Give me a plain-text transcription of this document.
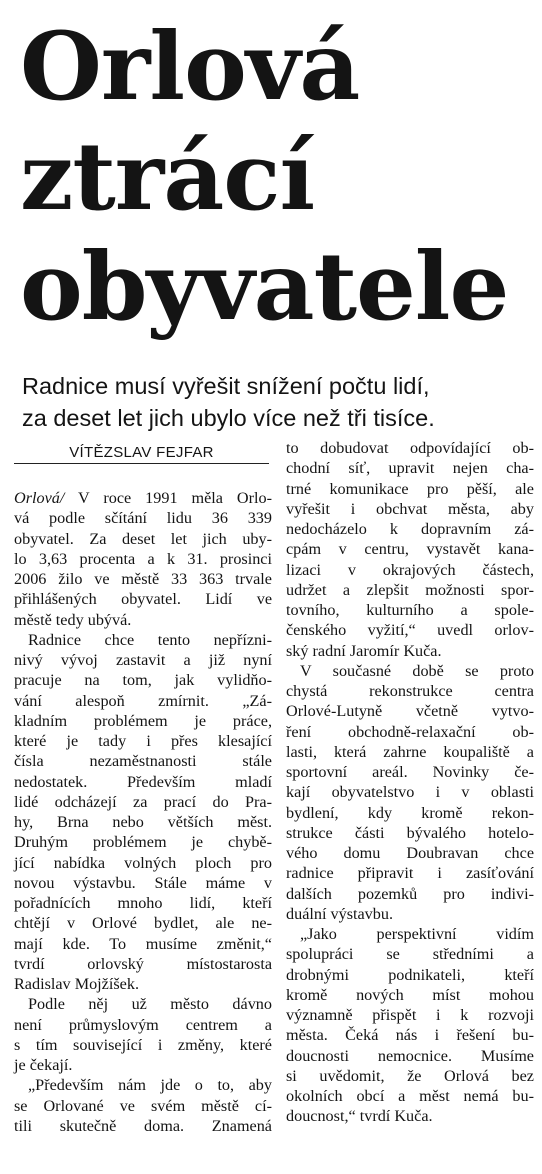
Orlová
ztrácí
obyvatele

Radnice musí vyřešit snížení počtu lidí,
za deset let jich ubylo více než tři tisíce.

VÍTĚZSLAV FEJFAR
Orlová/ V roce 1991 měla Orlo-
vá podle sčítání lidu 36 339
obyvatel. Za deset let jich uby-
lo 3,63 procenta a k 31. prosinci
2006 žilo ve městě 33 363 trvale
přihlášených obyvatel. Lidí ve
městě tedy ubývá.
Radnice chce tento nepřízni-
nivý vývoj zastavit a již nyní
pracuje na tom, jak vylidňo-
vání alespoň zmírnit. „Zá-
kladním problémem je práce,
které je tady i přes klesající
čísla nezaměstnanosti stále
nedostatek. Především mladí
lidé odcházejí za prací do Pra-
hy, Brna nebo větších měst.
Druhým problémem je chybě-
jící nabídka volných ploch pro
novou výstavbu. Stále máme v
pořadnících mnoho lidí, kteří
chtějí v Orlové bydlet, ale ne-
mají kde. To musíme změnit,“
tvrdí orlovský místostarosta
Radislav Mojžíšek.
Podle něj už město dávno
není průmyslovým centrem a
s tím související i změny, které
je čekají.
„Především nám jde o to, aby
se Orlované ve svém městě cí-
tili skutečně doma. Znamená
to dobudovat odpovídající ob-
chodní síť, upravit nejen cha-
trné komunikace pro pěší, ale
vyřešit i obchvat města, aby
nedocházelo k dopravním zá-
cpám v centru, vystavět kana-
lizaci v okrajových částech,
udržet a zlepšit možnosti spor-
tovního, kulturního a spole-
čenského vyžití,“ uvedl orlov-
ský radní Jaromír Kuča.
V současné době se proto
chystá rekonstrukce centra
Orlové-Lutyně včetně vytvo-
ření obchodně-relaxační ob-
lasti, která zahrne koupaliště a
sportovní areál. Novinky če-
kají obyvatelstvo i v oblasti
bydlení, kdy kromě rekon-
strukce části bývalého hotelo-
vého domu Doubravan chce
radnice připravit i zasíťování
dalších pozemků pro indivi-
duální výstavbu.
„Jako perspektivní vidím
spolupráci se středními a
drobnými podnikateli, kteří
kromě nových míst mohou
významně přispět i k rozvoji
města. Čeká nás i řešení bu-
doucnosti nemocnice. Musíme
si uvědomit, že Orlová bez
okolních obcí a měst nemá bu-
doucnost,“ tvrdí Kuča.
